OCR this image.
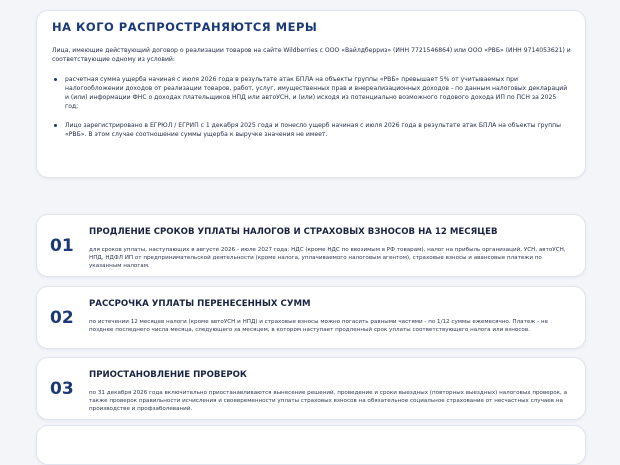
НА КОГО РАСПРОСТРАНЯЮТСЯ МЕРЫ

Лица, имеющие действующий договор о реализации товаров на сайте Wildberries с ООО «Вайлдберриз» (ИНН 7721546864) или ООО «РВБ» (ИНН 9714053621) и соответствующие одному из условий:

расчетная сумма ущерба начиная с июля 2026 года в результате атак БПЛА на объекты группы «РВБ» превышает 5% от учитываемых при налогообложении доходов от реализации товаров, работ, услуг, имущественных прав и внереализационных доходов - по данным налоговых деклараций и (или) информации ФНС о доходах плательщиков НПД или автоУСН, и (или) исходя из потенциально возможного годового дохода ИП по ПСН за 2025 год;
Лицо зарегистрировано в ЕГРЮЛ / ЕГРИП с 1 декабря 2025 года и понесло ущерб начиная с июля 2026 года в результате атак БПЛА на объекты группы «РВБ». В этом случае соотношение суммы ущерба к выручке значения не имеет.
01
ПРОДЛЕНИЕ СРОКОВ УПЛАТЫ НАЛОГОВ И СТРАХОВЫХ ВЗНОСОВ НА 12 МЕСЯЦЕВ

для сроков уплаты, наступающих в августе 2026 - июле 2027 года: НДС (кроме НДС по ввозимым в РФ товарам), налог на прибыль организаций, УСН, автоУСН, НПД, НДФЛ ИП от предпринимательской деятельности (кроме налога, уплачиваемого налоговым агентом), страховые взносы и авансовые платежи по указанным налогам.

02
РАССРОЧКА УПЛАТЫ ПЕРЕНЕСЕННЫХ СУММ

по истечении 12 месяцев налоги (кроме автоУСН и НПД) и страховые взносы можно погасить равными частями - по 1/12 суммы ежемесячно. Платеж - не позднее последнего числа месяца, следующего за месяцем, в котором наступает продленный срок уплаты соответствующего налога или взносов.

03
ПРИОСТАНОВЛЕНИЕ ПРОВЕРОК

по 31 декабря 2026 года включительно приостанавливаются вынесение решений, проведение и сроки выездных (повторных выездных) налоговых проверок, а также проверок правильности исчисления и своевременности уплаты страховых взносов на обязательное социальное страхование от несчастных случаев на производстве и профзаболеваний.
